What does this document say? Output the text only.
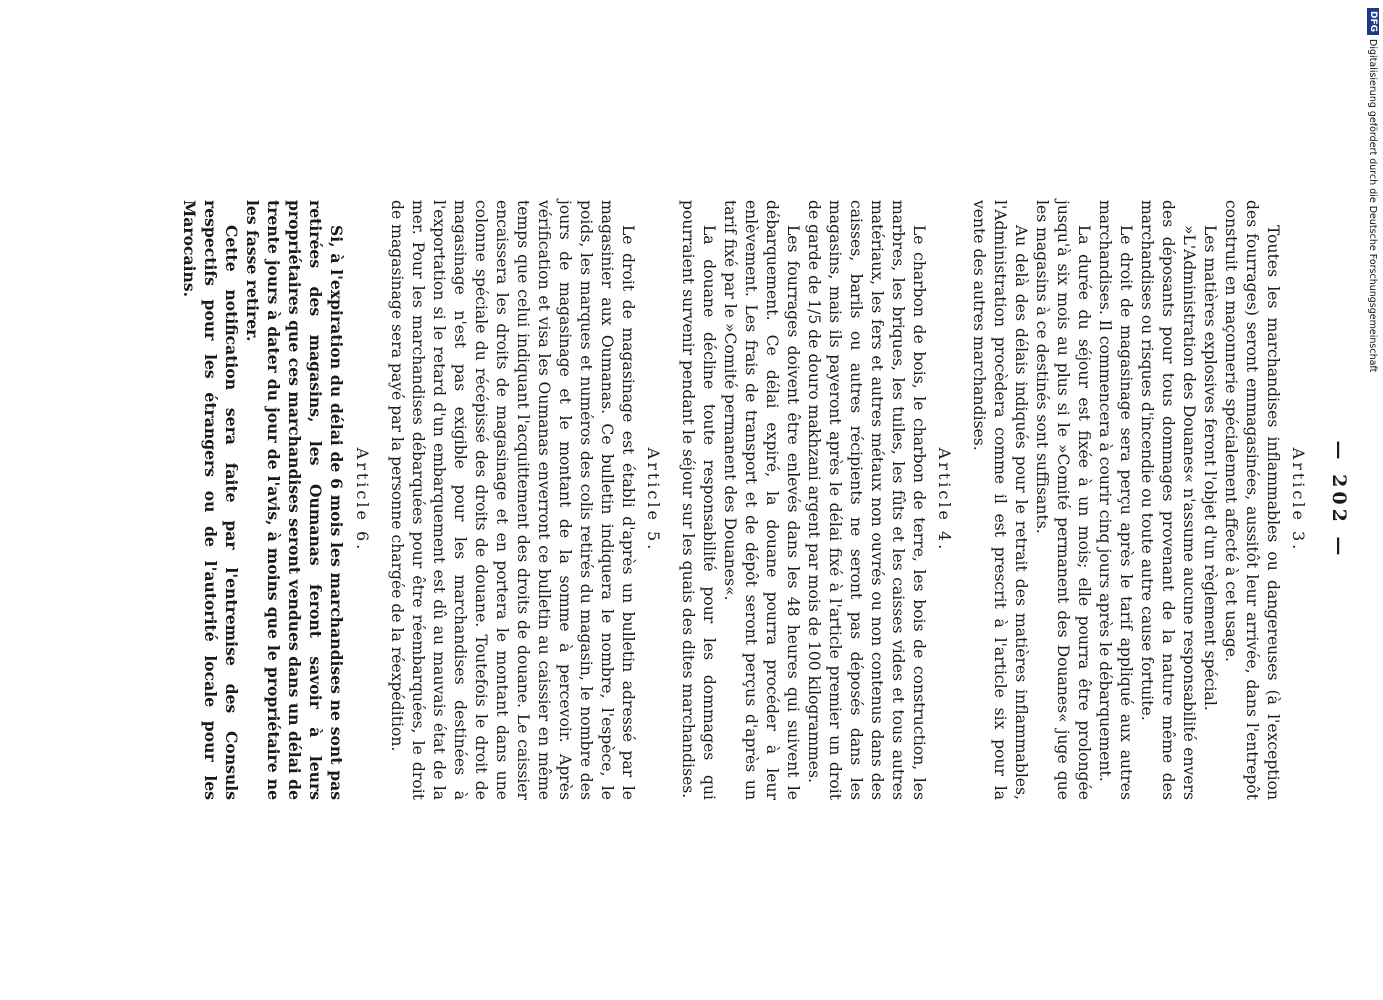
— 202 —
Article 3.

Toutes les marchandises inflammables ou dangereuses (à l'exception des fourrages) seront emmagasinées, aussitôt leur arrivée, dans l'entrepôt construit en maçonnerie spécialement affecté à cet usage.

Les matières explosives feront l'objet d'un règlement spécial.

»L'Administration des Douanes« n'assume aucune responsabilité envers des déposants pour tous dommages provenant de la nature même des marchandises ou risques d'incendie ou toute autre cause fortuite.

Le droit de magasinage sera perçu après le tarif appliqué aux autres marchandises. Il commencera à courir cinq jours après le débarquement.

La durée du séjour est fixée à un mois; elle pourra être prolongée jusqu'à six mois au plus si le »Comité permanent des Douanes« juge que les magasins à ce destinés sont suffisants.

Au delà des délais indiqués pour le retrait des matières inflammables, l'Administration procèdera comme il est prescrit à l'article six pour la vente des autres marchandises.

Article 4.

Le charbon de bois, le charbon de terre, les bois de construction, les marbres, les briques, les tuiles, les fûts et les caisses vides et tous autres matériaux, les fers et autres métaux non ouvrés ou non contenus dans des caisses, barils ou autres récipients ne seront pas déposés dans les magasins, mais ils payeront après le délai fixé à l'article premier un droit de garde de 1/5 de douro makhzani argent par mois de 100 kilogrammes.

Les fourrages doivent être enlevés dans les 48 heures qui suivent le débarquement. Ce délai expiré, la douane pourra procéder à leur enlèvement. Les frais de transport et de dépôt seront perçus d'après un tarif fixé par le »Comité permanent des Douanes«.

La douane décline toute responsabilité pour les dommages qui pourraient survenir pendant le séjour sur les quais des dites marchandises.

Article 5.

Le droit de magasinage est établi d'après un bulletin adressé par le magasinier aux Oumanas. Ce bulletin indiquera le nombre, l'espèce, le poids, les marques et numéros des colis retirés du magasin, le nombre des jours de magasinage et le montant de la somme à percevoir. Après vérification et visa les Oumanas enverront ce bulletin au caissier en même temps que celui indiquant l'acquittement des droits de douane. Le caissier encaissera les droits de magasinage et en portera le montant dans une colonne spéciale du récépissé des droits de douane. Toutefois le droit de magasinage n'est pas exigible pour les marchandises destinées à l'exportation si le retard d'un embarquement est dû au mauvais état de la mer. Pour les marchandises débarquées pour être réembarquées, le droit de magasinage sera payé par la personne chargée de la réexpédition.

Article 6.

Si, à l'expiration du délai de 6 mois les marchandises ne sont pas retirées des magasins, les Oumanas feront savoir à leurs propriétaires que ces marchandises seront vendues dans un délai de trente jours à dater du jour de l'avis, à moins que le propriétaire ne les fasse retirer.

Cette notification sera faite par l'entremise des Consuls respectifs pour les étrangers ou de l'autorité locale pour les Marocains.

DFG
Digitalisierung gefördert durch die Deutsche Forschungsgemeinschaft
